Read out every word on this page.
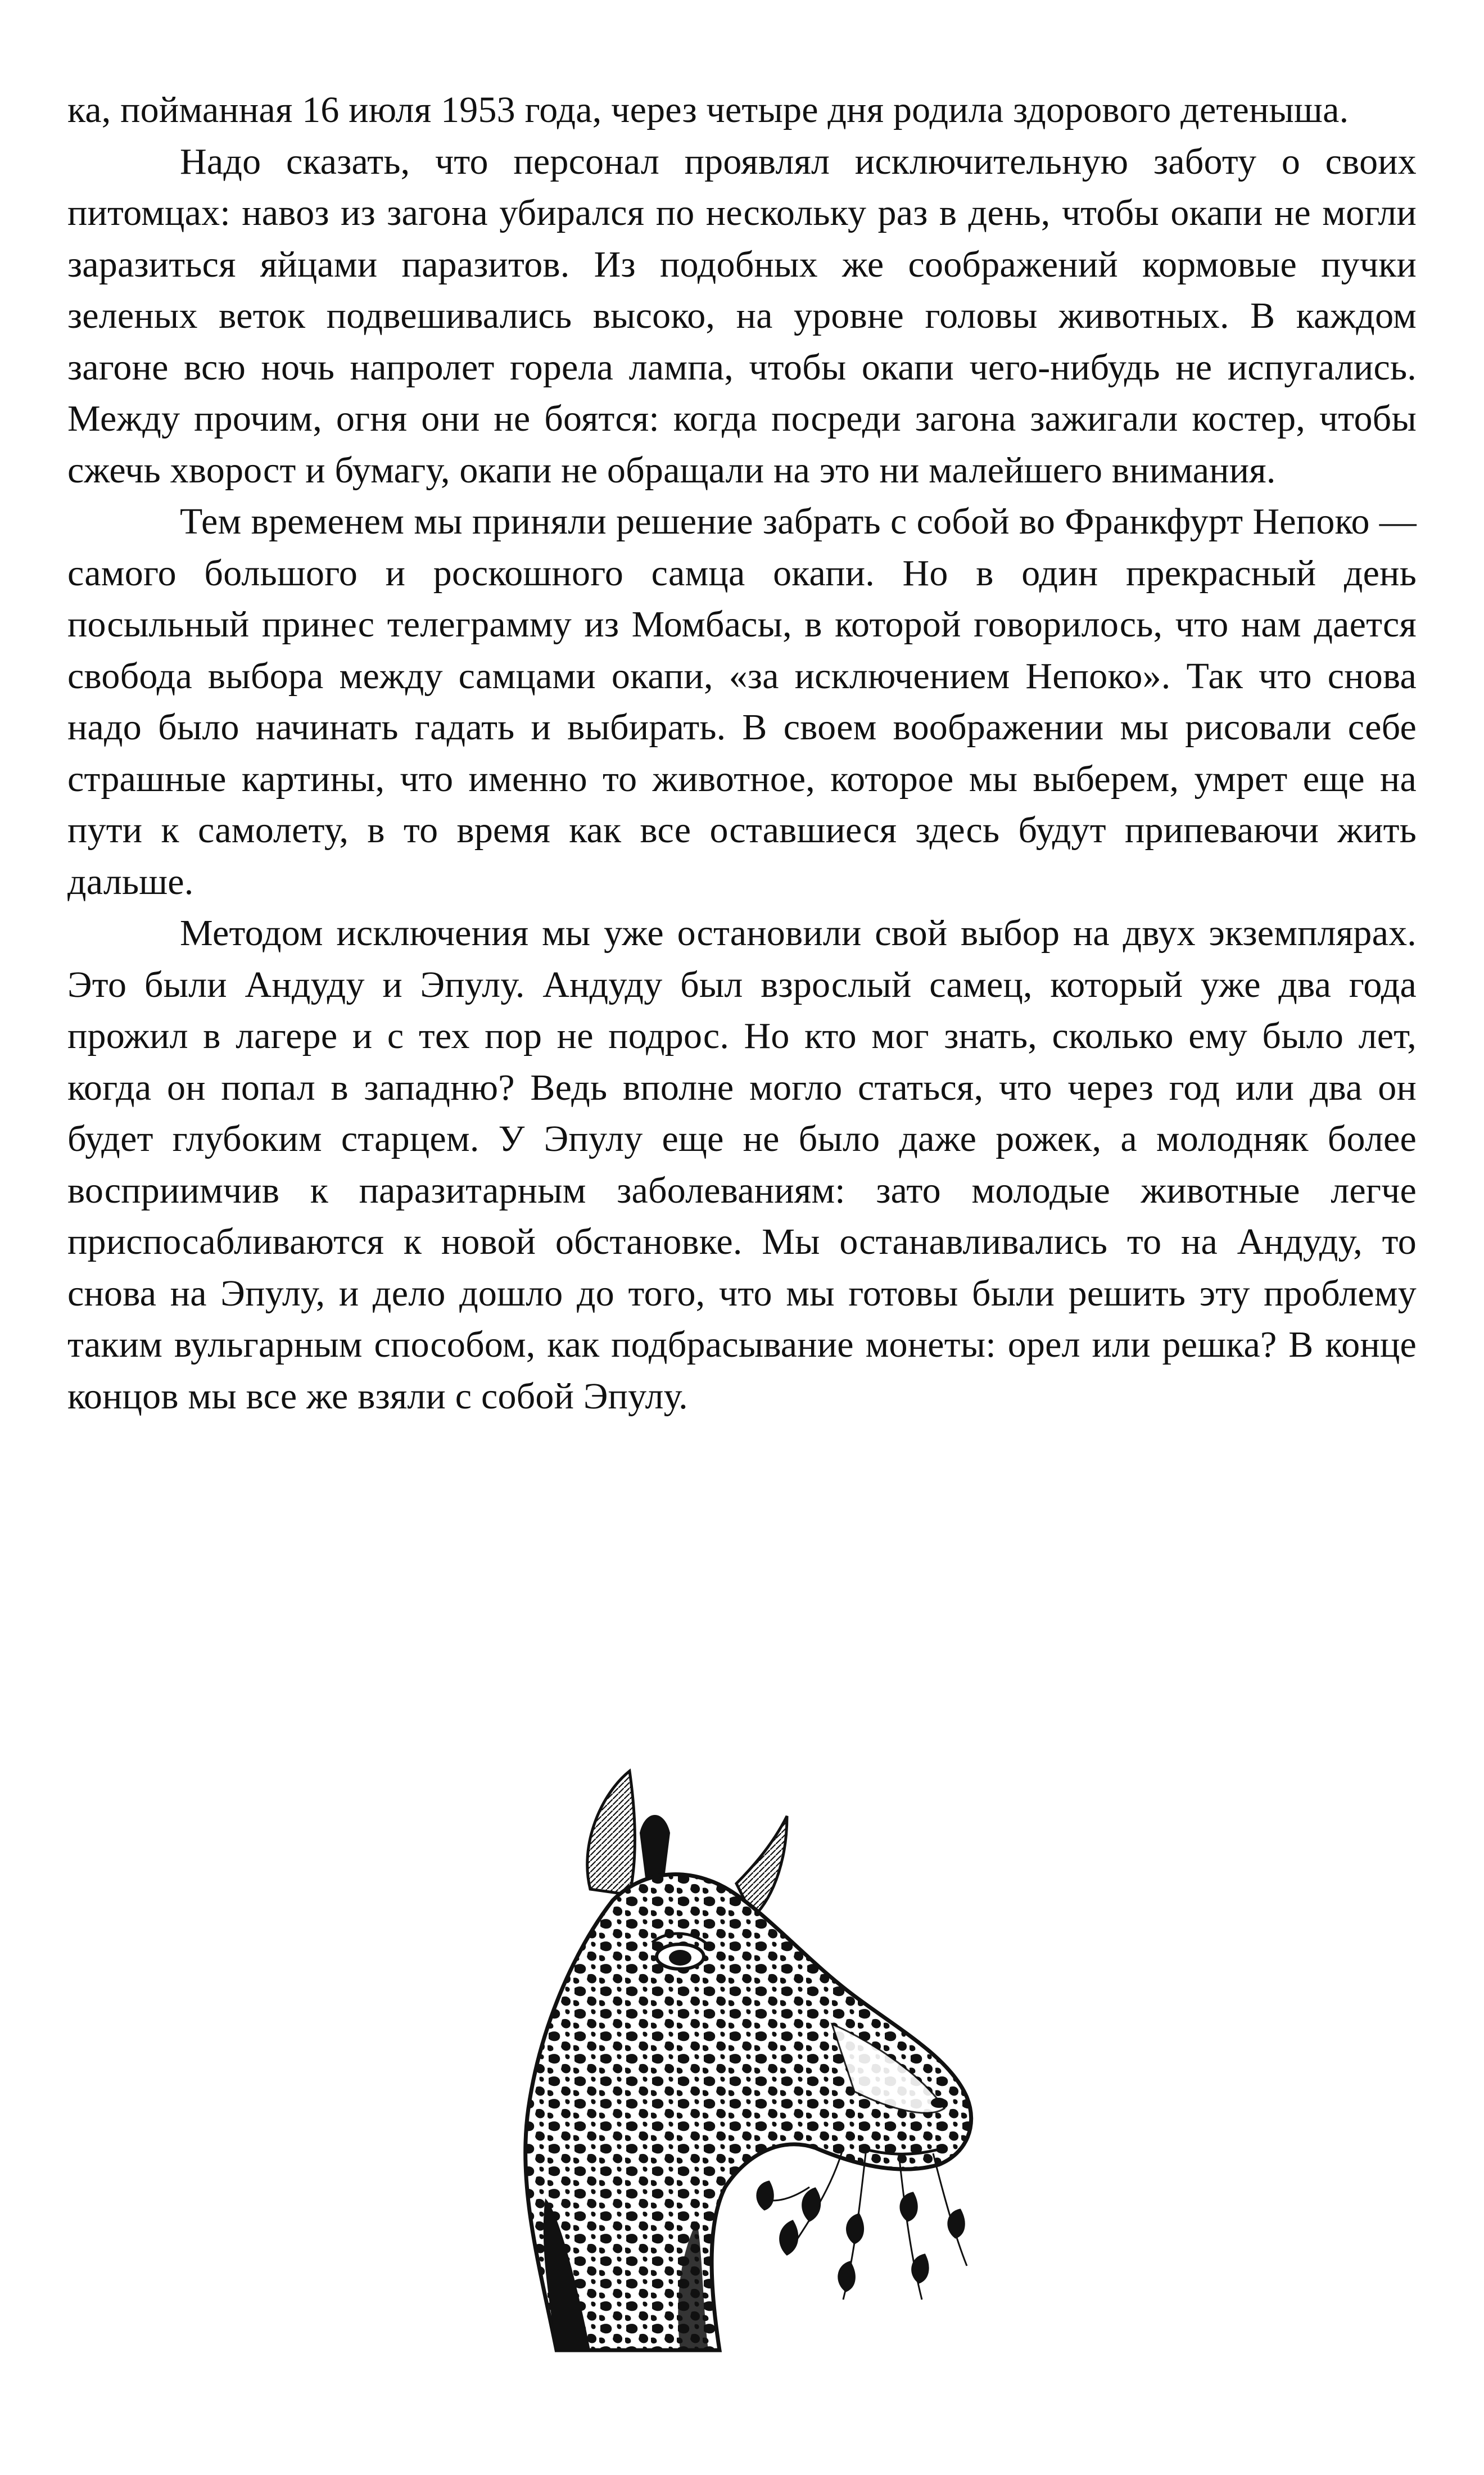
ка, пойманная 16 июля 1953 года, через четыре дня родила здорового детеныша.

Надо сказать, что персонал проявлял исключительную заботу о своих питомцах: навоз из загона убирался по нескольку раз в день, чтобы окапи не могли заразиться яйцами паразитов. Из подобных же соображений кормовые пучки зеленых веток подвешивались высоко, на уровне головы животных. В каждом загоне всю ночь напролет горела лампа, чтобы окапи чего-нибудь не испугались. Между прочим, огня они не боятся: когда посреди загона зажигали костер, чтобы сжечь хворост и бумагу, окапи не обращали на это ни малейшего внимания.

Тем временем мы приняли решение забрать с собой во Франкфурт Непоко — самого большого и роскошного самца окапи. Но в один прекрасный день посыльный принес телеграмму из Момбасы, в которой говорилось, что нам дается свобода выбора между самцами окапи, «за исключением Непоко». Так что снова надо было начинать гадать и выбирать. В своем воображении мы рисовали себе страшные картины, что именно то животное, которое мы выберем, умрет еще на пути к самолету, в то время как все оставшиеся здесь будут припеваючи жить дальше.

Методом исключения мы уже остановили свой выбор на двух экземплярах. Это были Андуду и Эпулу. Андуду был взрослый самец, который уже два года прожил в лагере и с тех пор не подрос. Но кто мог знать, сколько ему было лет, когда он попал в западню? Ведь вполне могло статься, что через год или два он будет глубоким старцем. У Эпулу еще не было даже рожек, а молодняк более восприимчив к паразитарным заболеваниям: зато молодые животные легче приспосабливаются к новой обстановке. Мы останавливались то на Андуду, то снова на Эпулу, и дело дошло до того, что мы готовы были решить эту проблему таким вульгарным способом, как подбрасывание монеты: орел или решка? В конце концов мы все же взяли с собой Эпулу.
